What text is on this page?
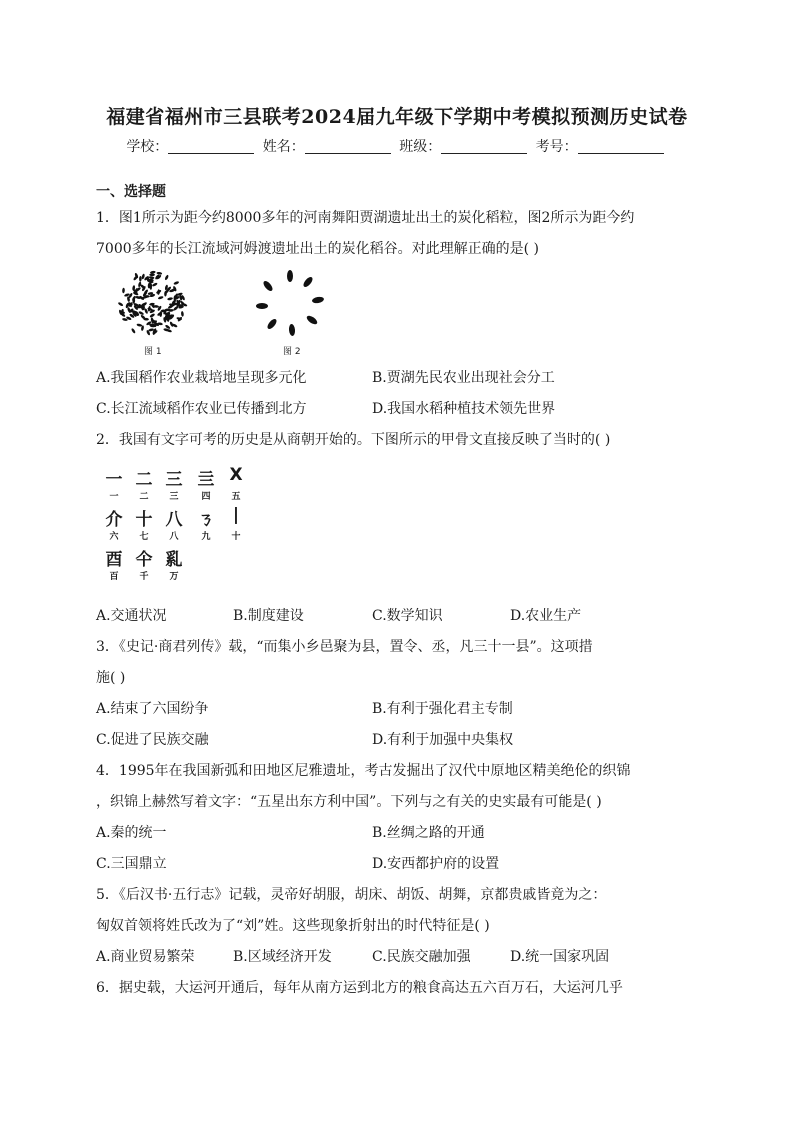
福建省福州市三县联考2024届九年级下学期中考模拟预测历史试卷
学校：	姓名：	班级：	考号：
一、选择题
1．图1所示为距今约8000多年的河南舞阳贾湖遗址出土的炭化稻粒，图2所示为距今约
7000多年的长江流域河姆渡遗址出土的炭化稻谷。对此理解正确的是( )
图 1	图 2
A.我国稻作农业栽培地呈现多元化	B.贾湖先民农业出现社会分工
C.长江流域稻作农业已传播到北方	D.我国水稻种植技术领先世界
2．我国有文字可考的历史是从商朝开始的。下图所示的甲骨文直接反映了当时的( )
一 二 三 亖 X
一	二	三	四	五
介 十 八 ㄋ	|
六	七	八	九	十
酉 仐 乿
百	千	万
A.交通状况	B.制度建设	C.数学知识	D.农业生产
3．《史记·商君列传》载，“而集小乡邑聚为县，置令、丞，凡三十一县”。这项措
施( )
A.结束了六国纷争	B.有利于强化君主专制
C.促进了民族交融	D.有利于加强中央集权
4．1995年在我国新弧和田地区尼雅遗址，考古发掘出了汉代中原地区精美绝伦的织锦
，织锦上赫然写着文字：“五星出东方利中国”。下列与之有关的史实最有可能是( )
A.秦的统一	B.丝绸之路的开通
C.三国鼎立	D.安西都护府的设置
5．《后汉书·五行志》记载，灵帝好胡服，胡床、胡饭、胡舞，京都贵戚皆竟为之：
匈奴首领将姓氏改为了“刘”姓。这些现象折射出的时代特征是( )
A.商业贸易繁荣	B.区域经济开发	C.民族交融加强	D.统一国家巩固
6．据史载，大运河开通后，每年从南方运到北方的粮食高达五六百万石，大运河几乎
